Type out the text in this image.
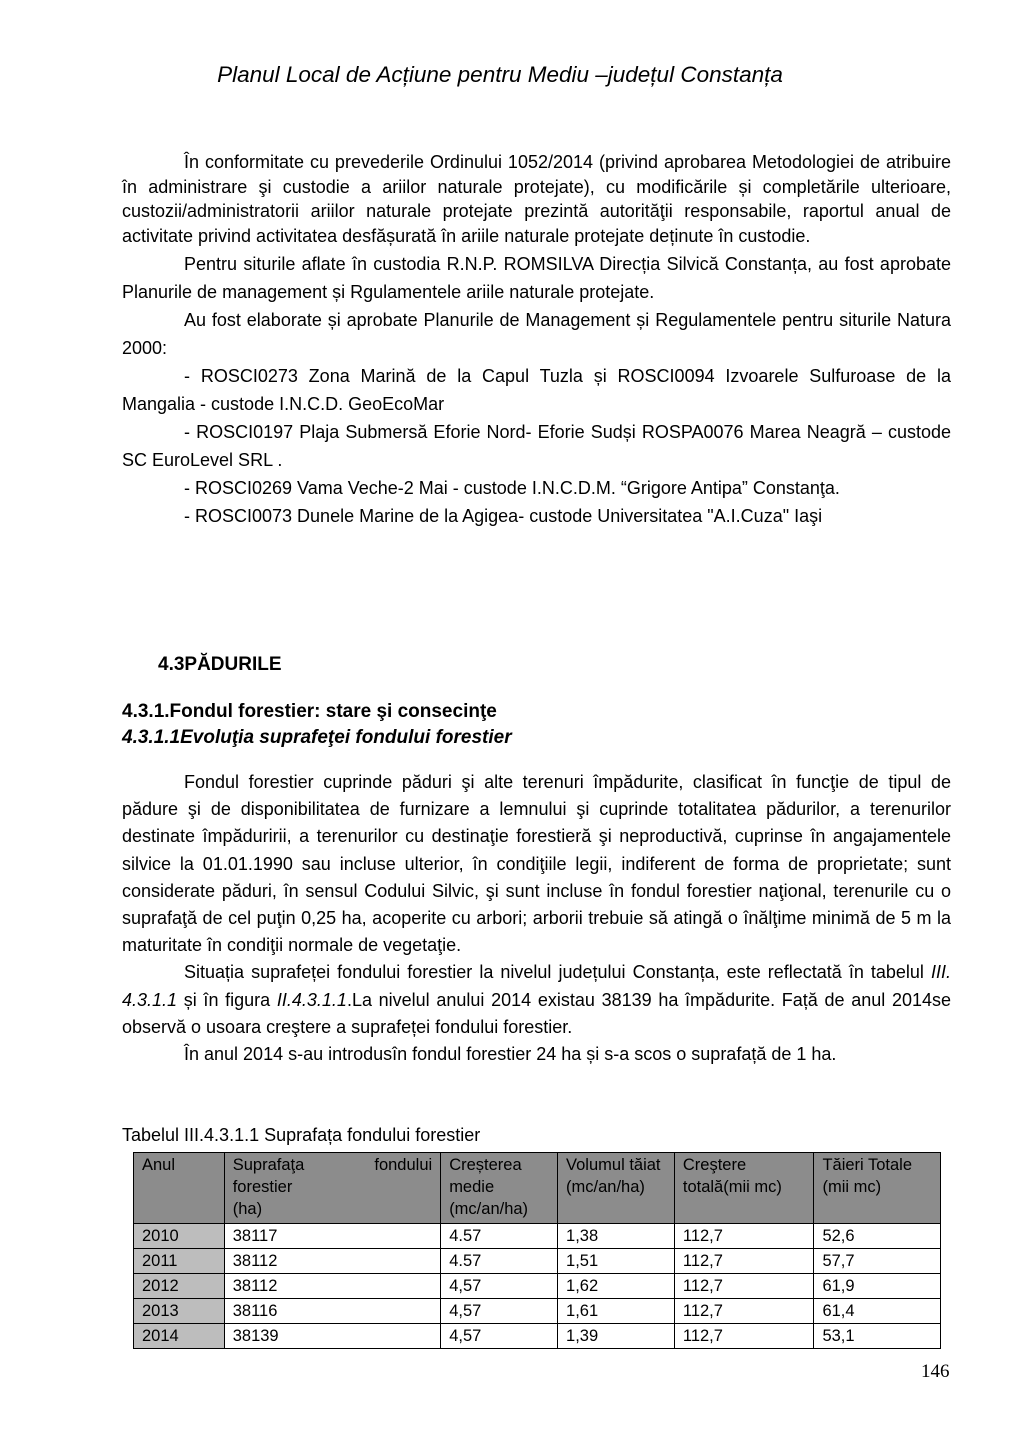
Planul Local de Acțiune pentru Mediu –județul Constanța

În conformitate cu prevederile Ordinului 1052/2014 (privind aprobarea Metodologiei de atribuire în administrare şi custodie a ariilor naturale protejate), cu modificările și completările ulterioare, custozii/administratorii ariilor naturale protejate prezintă autorităţii responsabile, raportul anual de activitate privind activitatea desfășurată în ariile naturale protejate deținute în custodie.

Pentru siturile aflate în custodia R.N.P. ROMSILVA Direcția Silvică Constanța, au fost aprobate Planurile de management și Rgulamentele ariile naturale protejate.

Au fost elaborate și aprobate Planurile de Management și Regulamentele pentru siturile Natura 2000:

- ROSCI0273 Zona Marină de la Capul Tuzla și ROSCI0094 Izvoarele Sulfuroase de la Mangalia - custode I.N.C.D. GeoEcoMar

- ROSCI0197 Plaja Submersă Eforie Nord- Eforie Sudși ROSPA0076 Marea Neagră – custode SC EuroLevel SRL .

- ROSCI0269 Vama Veche-2 Mai - custode I.N.C.D.M. “Grigore Antipa” Constanţa.

- ROSCI0073 Dunele Marine de la Agigea- custode Universitatea "A.I.Cuza" Iaşi

4.3PĂDURILE
4.3.1.Fondul forestier: stare şi consecinţe
4.3.1.1Evoluţia suprafeţei fondului forestier

Fondul forestier cuprinde păduri şi alte terenuri împădurite, clasificat în funcţie de tipul de pădure şi de disponibilitatea de furnizare a lemnului şi cuprinde totalitatea pădurilor, a terenurilor destinate împăduririi, a terenurilor cu destinaţie forestieră şi neproductivă, cuprinse în angajamentele silvice la 01.01.1990 sau incluse ulterior, în condiţiile legii, indiferent de forma de proprietate; sunt considerate păduri, în sensul Codului Silvic, şi sunt incluse în fondul forestier naţional, terenurile cu o suprafaţă de cel puţin 0,25 ha, acoperite cu arbori; arborii trebuie să atingă o înălţime minimă de 5 m la maturitate în condiţii normale de vegetaţie.

Situația suprafeței fondului forestier la nivelul județului Constanța, este reflectată în tabelul III. 4.3.1.1 și în figura II.4.3.1.1.La nivelul anului 2014 existau 38139 ha împădurite. Față de anul 2014se observă o usoara creştere a suprafeței fondului forestier.

În anul 2014 s-au introdusîn fondul forestier 24 ha și s-a scos o suprafață de 1 ha.

Tabelul III.4.3.1.1 Suprafața fondului forestier
Anul	Suprafaţa fondului
forestier
(ha)	Creșterea medie (mc/an/ha)	Volumul tăiat (mc/an/ha)	Creştere totală(mii mc)	Tăieri Totale (mii mc)
2010	38117	4.57	1,38	112,7	52,6
2011	38112	4.57	1,51	112,7	57,7
2012	38112	4,57	1,62	112,7	61,9
2013	38116	4,57	1,61	112,7	61,4
2014	38139	4,57	1,39	112,7	53,1
146
